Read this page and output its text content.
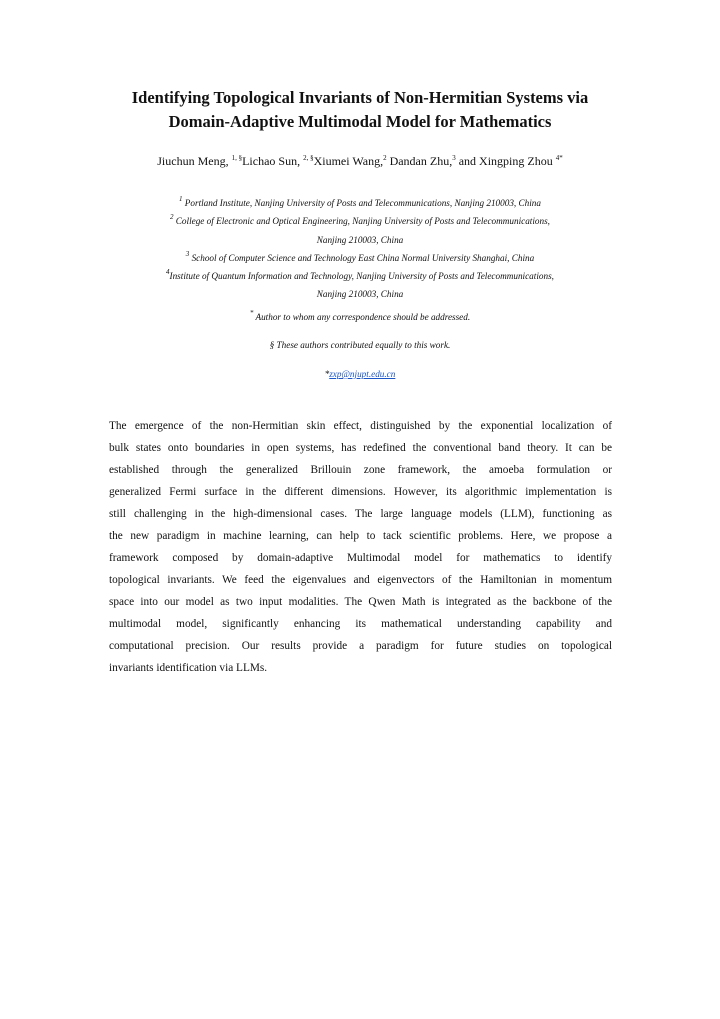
Identifying Topological Invariants of Non-Hermitian Systems via
Domain-Adaptive Multimodal Model for Mathematics
Jiuchun Meng, $^{1, \S}$Lichao Sun, $^{2, \S}$Xiumei Wang,$^2$ Dandan Zhu,$^3$ and Xingping Zhou $^{4*}$
$^1$ Portland Institute, Nanjing University of Posts and Telecommunications, Nanjing 210003, China
$^2$ College of Electronic and Optical Engineering, Nanjing University of Posts and Telecommunications,
Nanjing 210003, China
$^3$ School of Computer Science and Technology East China Normal University Shanghai, China
$^4$Institute of Quantum Information and Technology, Nanjing University of Posts and Telecommunications,
Nanjing 210003, China
* Author to whom any correspondence should be addressed.
§ These authors contributed equally to this work.
*zxp@njupt.edu.cn
The emergence of the non-Hermitian skin effect, distinguished by the exponential localization of
bulk states onto boundaries in open systems, has redefined the conventional band theory. It can be
established through the generalized Brillouin zone framework, the amoeba formulation or
generalized Fermi surface in the different dimensions. However, its algorithmic implementation is
still challenging in the high-dimensional cases. The large language models (LLM), functioning as
the new paradigm in machine learning, can help to tack scientific problems. Here, we propose a
framework composed by domain-adaptive Multimodal model for mathematics to identify
topological invariants. We feed the eigenvalues and eigenvectors of the Hamiltonian in momentum
space into our model as two input modalities. The Qwen Math is integrated as the backbone of the
multimodal model, significantly enhancing its mathematical understanding capability and
computational precision. Our results provide a paradigm for future studies on topological
invariants identification via LLMs.
